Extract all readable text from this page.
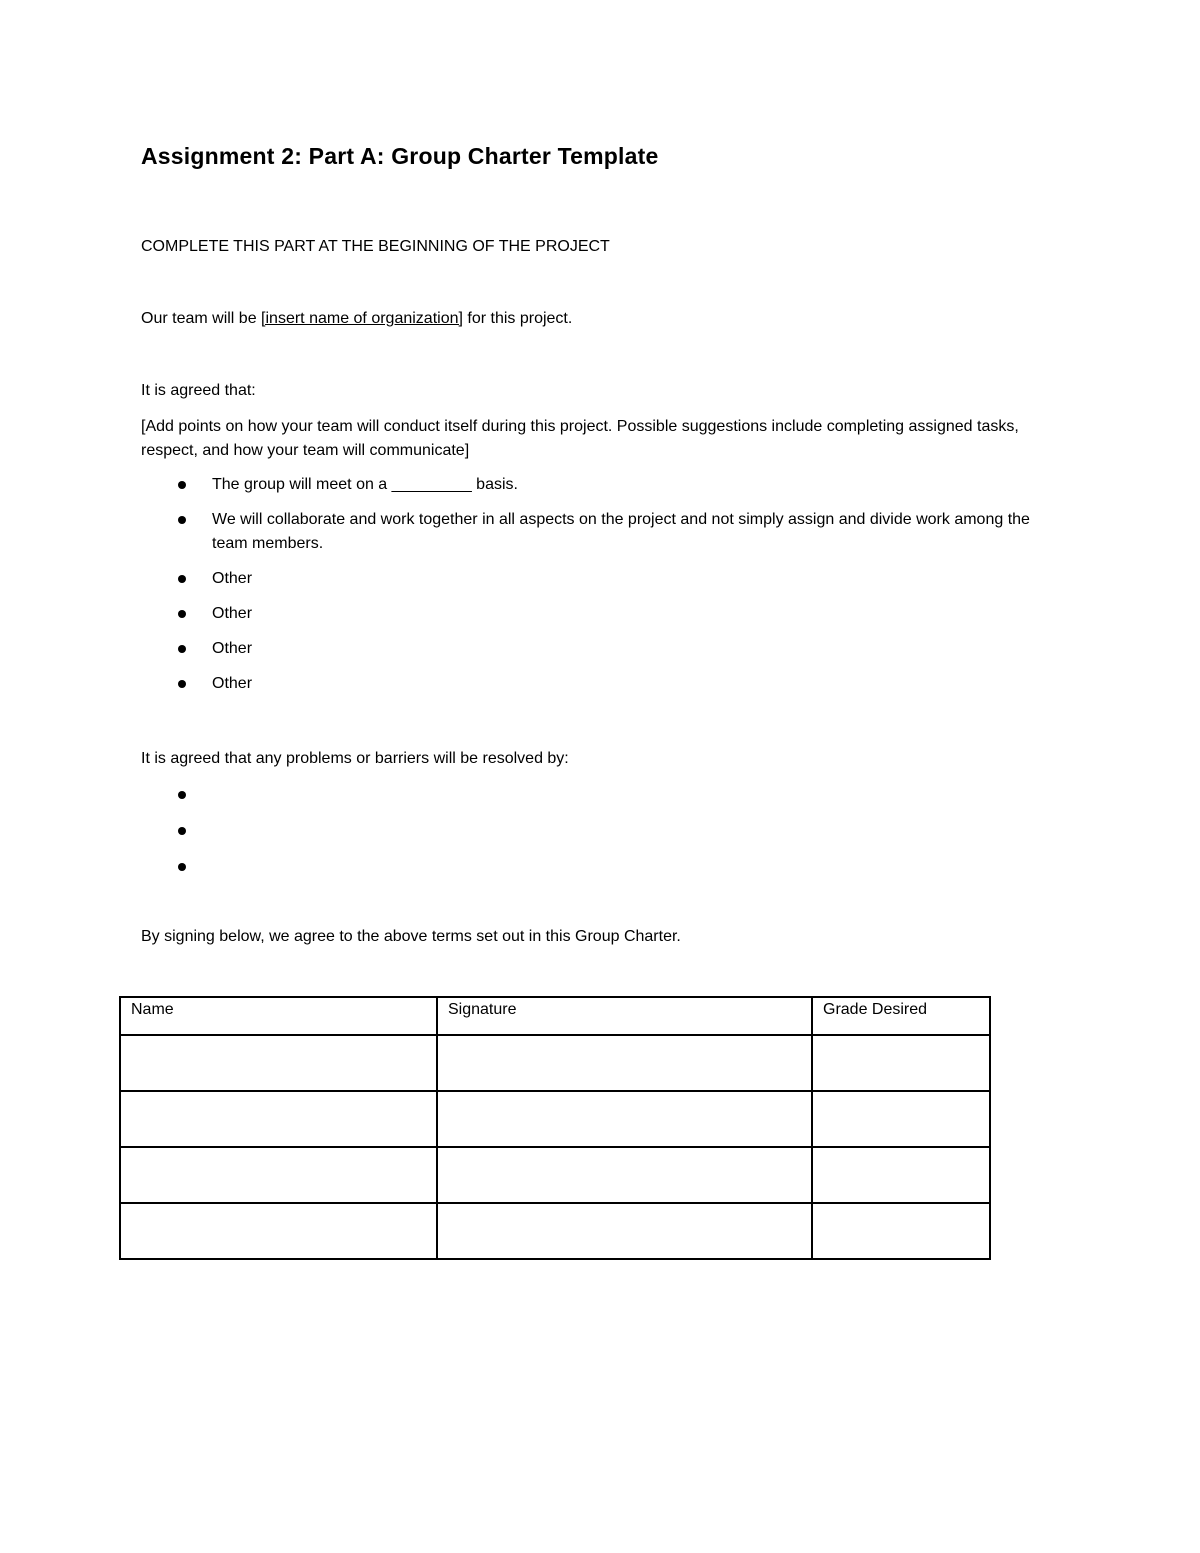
Assignment 2: Part A: Group Charter Template

COMPLETE THIS PART AT THE BEGINNING OF THE PROJECT

Our team will be [insert name of organization] for this project.

It is agreed that:

[Add points on how your team will conduct itself during this project. Possible suggestions include completing assigned tasks, respect, and how your team will communicate]

The group will meet on a _________ basis.
We will collaborate and work together in all aspects on the project and not simply assign and divide work among the team members.
Other
Other
Other
Other

It is agreed that any problems or barriers will be resolved by:

By signing below, we agree to the above terms set out in this Group Charter.

Name	Signature	Grade Desired
